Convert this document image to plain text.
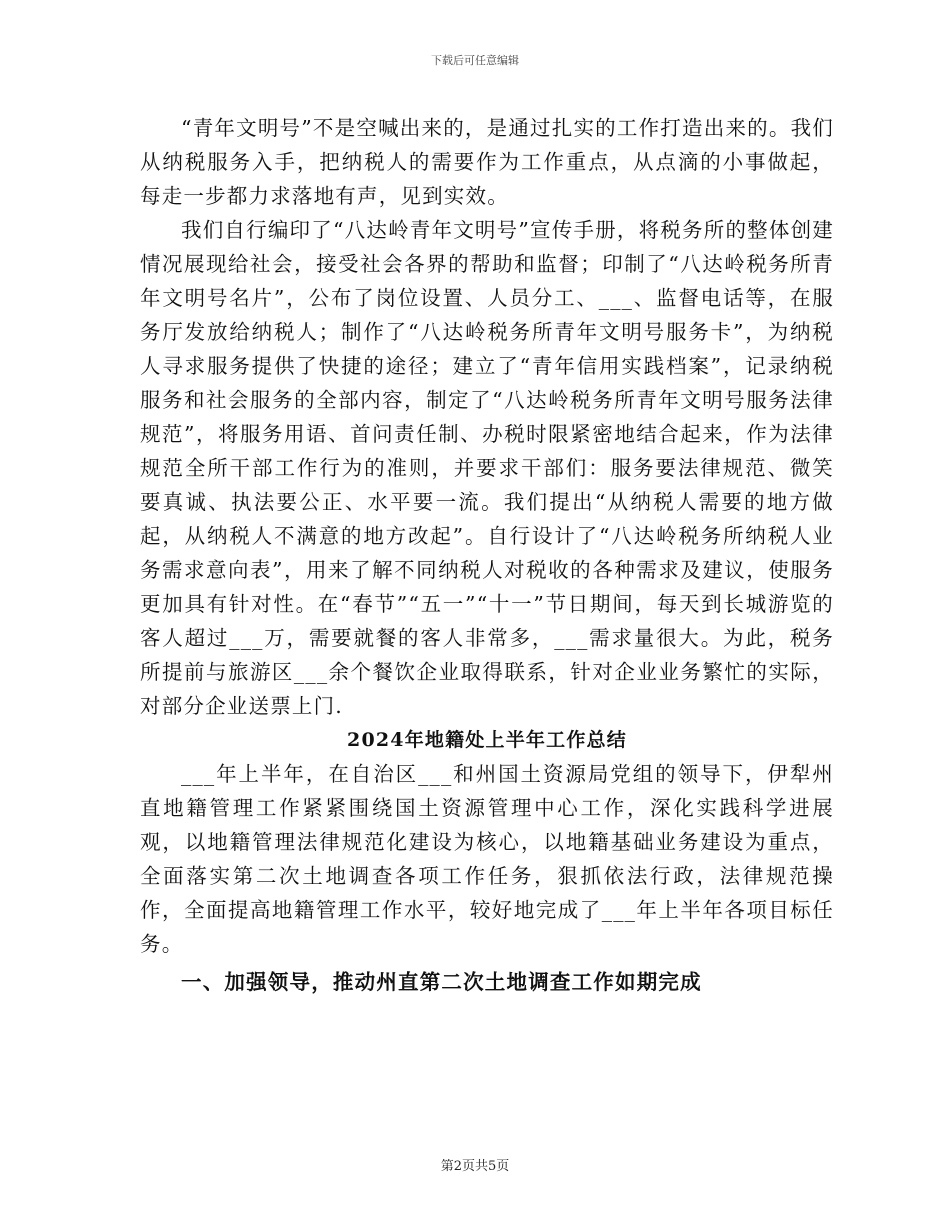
下载后可任意编辑

“青年文明号”不是空喊出来的，是通过扎实的工作打造出来的。我们从纳税服务入手，把纳税人的需要作为工作重点，从点滴的小事做起，每走一步都力求落地有声，见到实效。

我们自行编印了“八达岭青年文明号”宣传手册，将税务所的整体创建情况展现给社会，接受社会各界的帮助和监督；印制了“八达岭税务所青年文明号名片”，公布了岗位设置、人员分工、___、监督电话等，在服务厅发放给纳税人；制作了“八达岭税务所青年文明号服务卡”，为纳税人寻求服务提供了快捷的途径；建立了“青年信用实践档案”，记录纳税服务和社会服务的全部内容，制定了“八达岭税务所青年文明号服务法律规范”，将服务用语、首问责任制、办税时限紧密地结合起来，作为法律规范全所干部工作行为的准则，并要求干部们：服务要法律规范、微笑要真诚、执法要公正、水平要一流。我们提出“从纳税人需要的地方做起，从纳税人不满意的地方改起”。自行设计了“八达岭税务所纳税人业务需求意向表”，用来了解不同纳税人对税收的各种需求及建议，使服务更加具有针对性。在“春节”“五一”“十一”节日期间，每天到长城游览的客人超过___万，需要就餐的客人非常多，___需求量很大。为此，税务所提前与旅游区___余个餐饮企业取得联系，针对企业业务繁忙的实际，对部分企业送票上门.

2024年地籍处上半年工作总结

___年上半年，在自治区___和州国土资源局党组的领导下，伊犁州直地籍管理工作紧紧围绕国土资源管理中心工作，深化实践科学进展观，以地籍管理法律规范化建设为核心，以地籍基础业务建设为重点，全面落实第二次土地调查各项工作任务，狠抓依法行政，法律规范操作，全面提高地籍管理工作水平，较好地完成了___年上半年各项目标任务。

一、加强领导，推动州直第二次土地调查工作如期完成

第2页共5页
